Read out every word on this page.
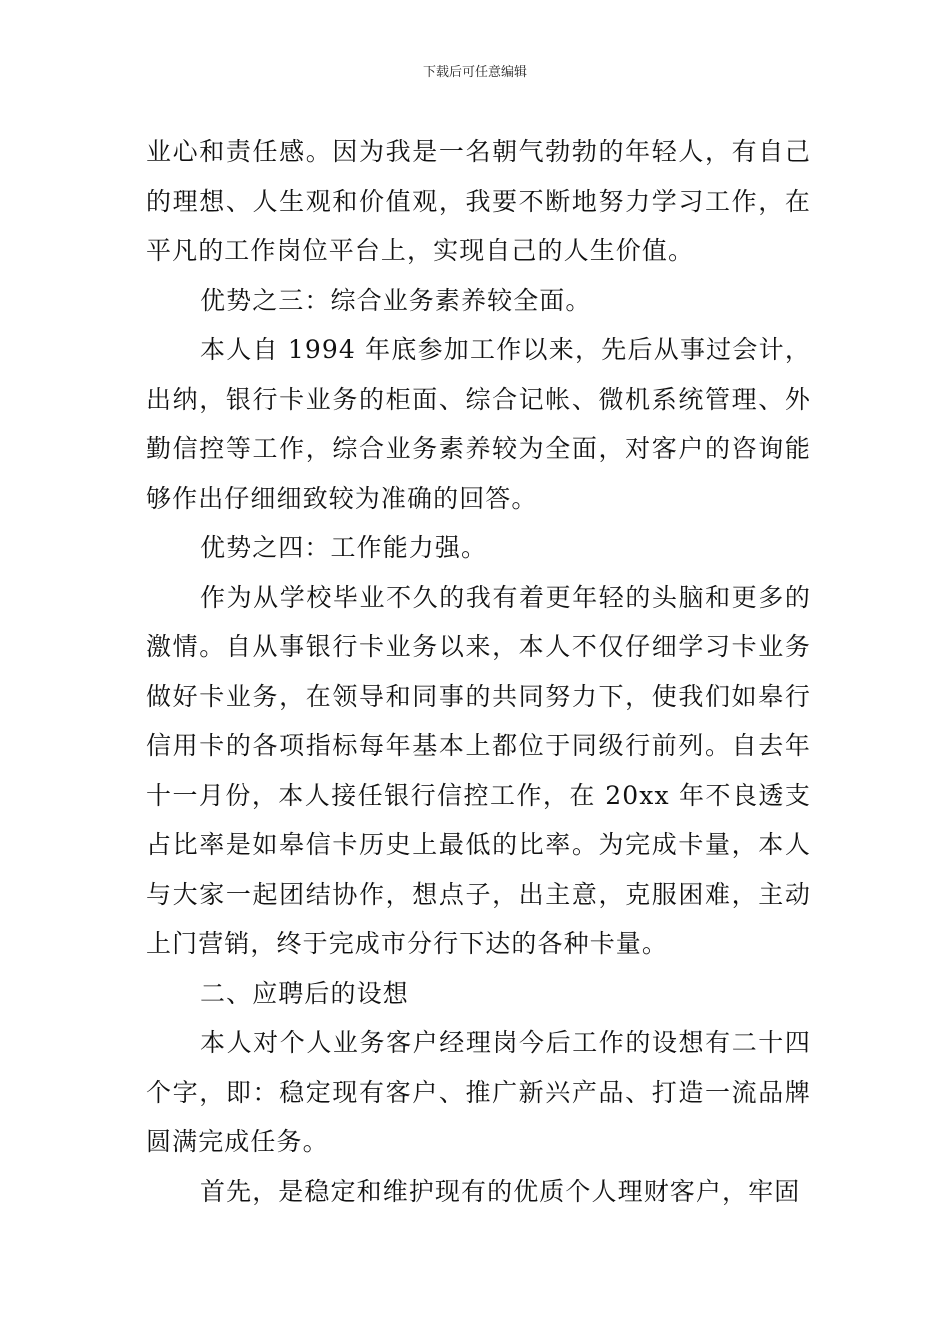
下载后可任意编辑

业心和责任感。因为我是一名朝气勃勃的年轻人，有自己的理想、人生观和价值观，我要不断地努力学习工作，在平凡的工作岗位平台上，实现自己的人生价值。

优势之三：综合业务素养较全面。

本人自 1994 年底参加工作以来，先后从事过会计，出纳，银行卡业务的柜面、综合记帐、微机系统管理、外勤信控等工作，综合业务素养较为全面，对客户的咨询能够作出仔细细致较为准确的回答。

优势之四：工作能力强。

作为从学校毕业不久的我有着更年轻的头脑和更多的激情。自从事银行卡业务以来，本人不仅仔细学习卡业务做好卡业务，在领导和同事的共同努力下，使我们如皋行信用卡的各项指标每年基本上都位于同级行前列。自去年十一月份，本人接任银行信控工作，在 20xx 年不良透支占比率是如皋信卡历史上最低的比率。为完成卡量，本人与大家一起团结协作，想点子，出主意，克服困难，主动上门营销，终于完成市分行下达的各种卡量。

二、应聘后的设想

本人对个人业务客户经理岗今后工作的设想有二十四个字，即：稳定现有客户、推广新兴产品、打造一流品牌圆满完成任务。

首先，是稳定和维护现有的优质个人理财客户，牢固
